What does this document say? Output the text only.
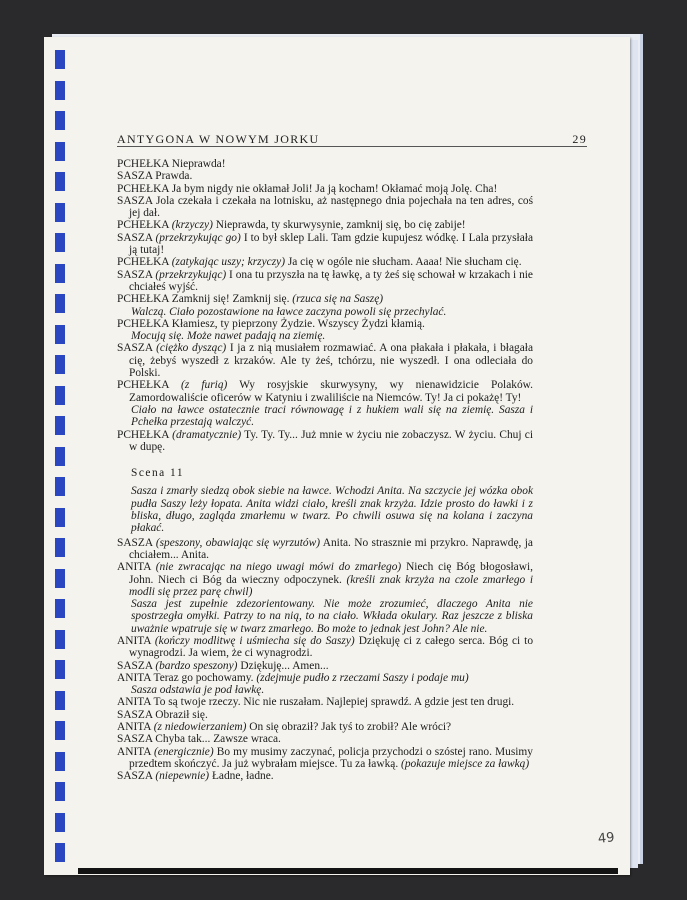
ANTYGONA W NOWYM JORKU	29
PCHEŁKA Nieprawda!
SASZA Prawda.
PCHEŁKA Ja bym nigdy nie okłamał Joli! Ja ją kocham! Okłamać moją Jolę. Cha!
SASZA Jola czekała i czekała na lotnisku, aż następnego dnia pojechała na ten adres, coś jej dał.
PCHEŁKA (krzyczy) Nieprawda, ty skurwysynie, zamknij się, bo cię zabije!
SASZA (przekrzykując go) I to był sklep Lali. Tam gdzie kupujesz wódkę. I Lala przysłała ją tutaj!
PCHEŁKA (zatykając uszy; krzyczy) Ja cię w ogóle nie słucham. Aaaa! Nie słucham cię.
SASZA (przekrzykując) I ona tu przyszła na tę ławkę, a ty żeś się schował w krzakach i nie chciałeś wyjść.
PCHEŁKA Zamknij się! Zamknij się. (rzuca się na Saszę)
Walczą. Ciało pozostawione na ławce zaczyna powoli się przechylać.
PCHEŁKA Kłamiesz, ty pieprzony Żydzie. Wszyscy Żydzi kłamią.
Mocują się. Może nawet padają na ziemię.
SASZA (ciężko dysząc) I ja z nią musiałem rozmawiać. A ona płakała i płakała, i błagała cię, żebyś wyszedł z krzaków. Ale ty żeś, tchórzu, nie wyszedł. I ona odleciała do Polski.
PCHEŁKA (z furią) Wy rosyjskie skurwysyny, wy nienawidzicie Polaków. Zamordowaliście oficerów w Katyniu i zwaliliście na Niemców. Ty! Ja ci pokażę! Ty!
Ciało na ławce ostatecznie traci równowagę i z hukiem wali się na ziemię. Sasza i Pchełka przestają walczyć.
PCHEŁKA (dramatycznie) Ty. Ty. Ty... Już mnie w życiu nie zobaczysz. W życiu. Chuj ci w dupę.
Scena 11
Sasza i zmarły siedzą obok siebie na ławce. Wchodzi Anita. Na szczycie jej wózka obok pudła Saszy leży łopata. Anita widzi ciało, kreśli znak krzyża. Idzie prosto do ławki i z bliska, długo, zagląda zmarłemu w twarz. Po chwili osuwa się na kolana i zaczyna płakać.
SASZA (speszony, obawiając się wyrzutów) Anita. No strasznie mi przykro. Naprawdę, ja chciałem... Anita.
ANITA (nie zwracając na niego uwagi mówi do zmarłego) Niech cię Bóg błogosławi, John. Niech ci Bóg da wieczny odpoczynek. (kreśli znak krzyża na czole zmarłego i modli się przez parę chwil)
Sasza jest zupełnie zdezorientowany. Nie może zrozumieć, dlaczego Anita nie spostrzegła omyłki. Patrzy to na nią, to na ciało. Wkłada okulary. Raz jeszcze z bliska uważnie wpatruje się w twarz zmarłego. Bo może to jednak jest John? Ale nie.
ANITA (kończy modlitwę i uśmiecha się do Saszy) Dziękuję ci z całego serca. Bóg ci to wynagrodzi. Ja wiem, że ci wynagrodzi.
SASZA (bardzo speszony) Dziękuję... Amen...
ANITA Teraz go pochowamy. (zdejmuje pudło z rzeczami Saszy i podaje mu)
Sasza odstawia je pod ławkę.
ANITA To są twoje rzeczy. Nic nie ruszałam. Najlepiej sprawdź. A gdzie jest ten drugi.
SASZA Obraził się.
ANITA (z niedowierzaniem) On się obraził? Jak tyś to zrobił? Ale wróci?
SASZA Chyba tak... Zawsze wraca.
ANITA (energicznie) Bo my musimy zaczynać, policja przychodzi o szóstej rano. Musimy przedtem skończyć. Ja już wybrałam miejsce. Tu za ławką. (pokazuje miejsce za ławką)
SASZA (niepewnie) Ładne, ładne.
49
